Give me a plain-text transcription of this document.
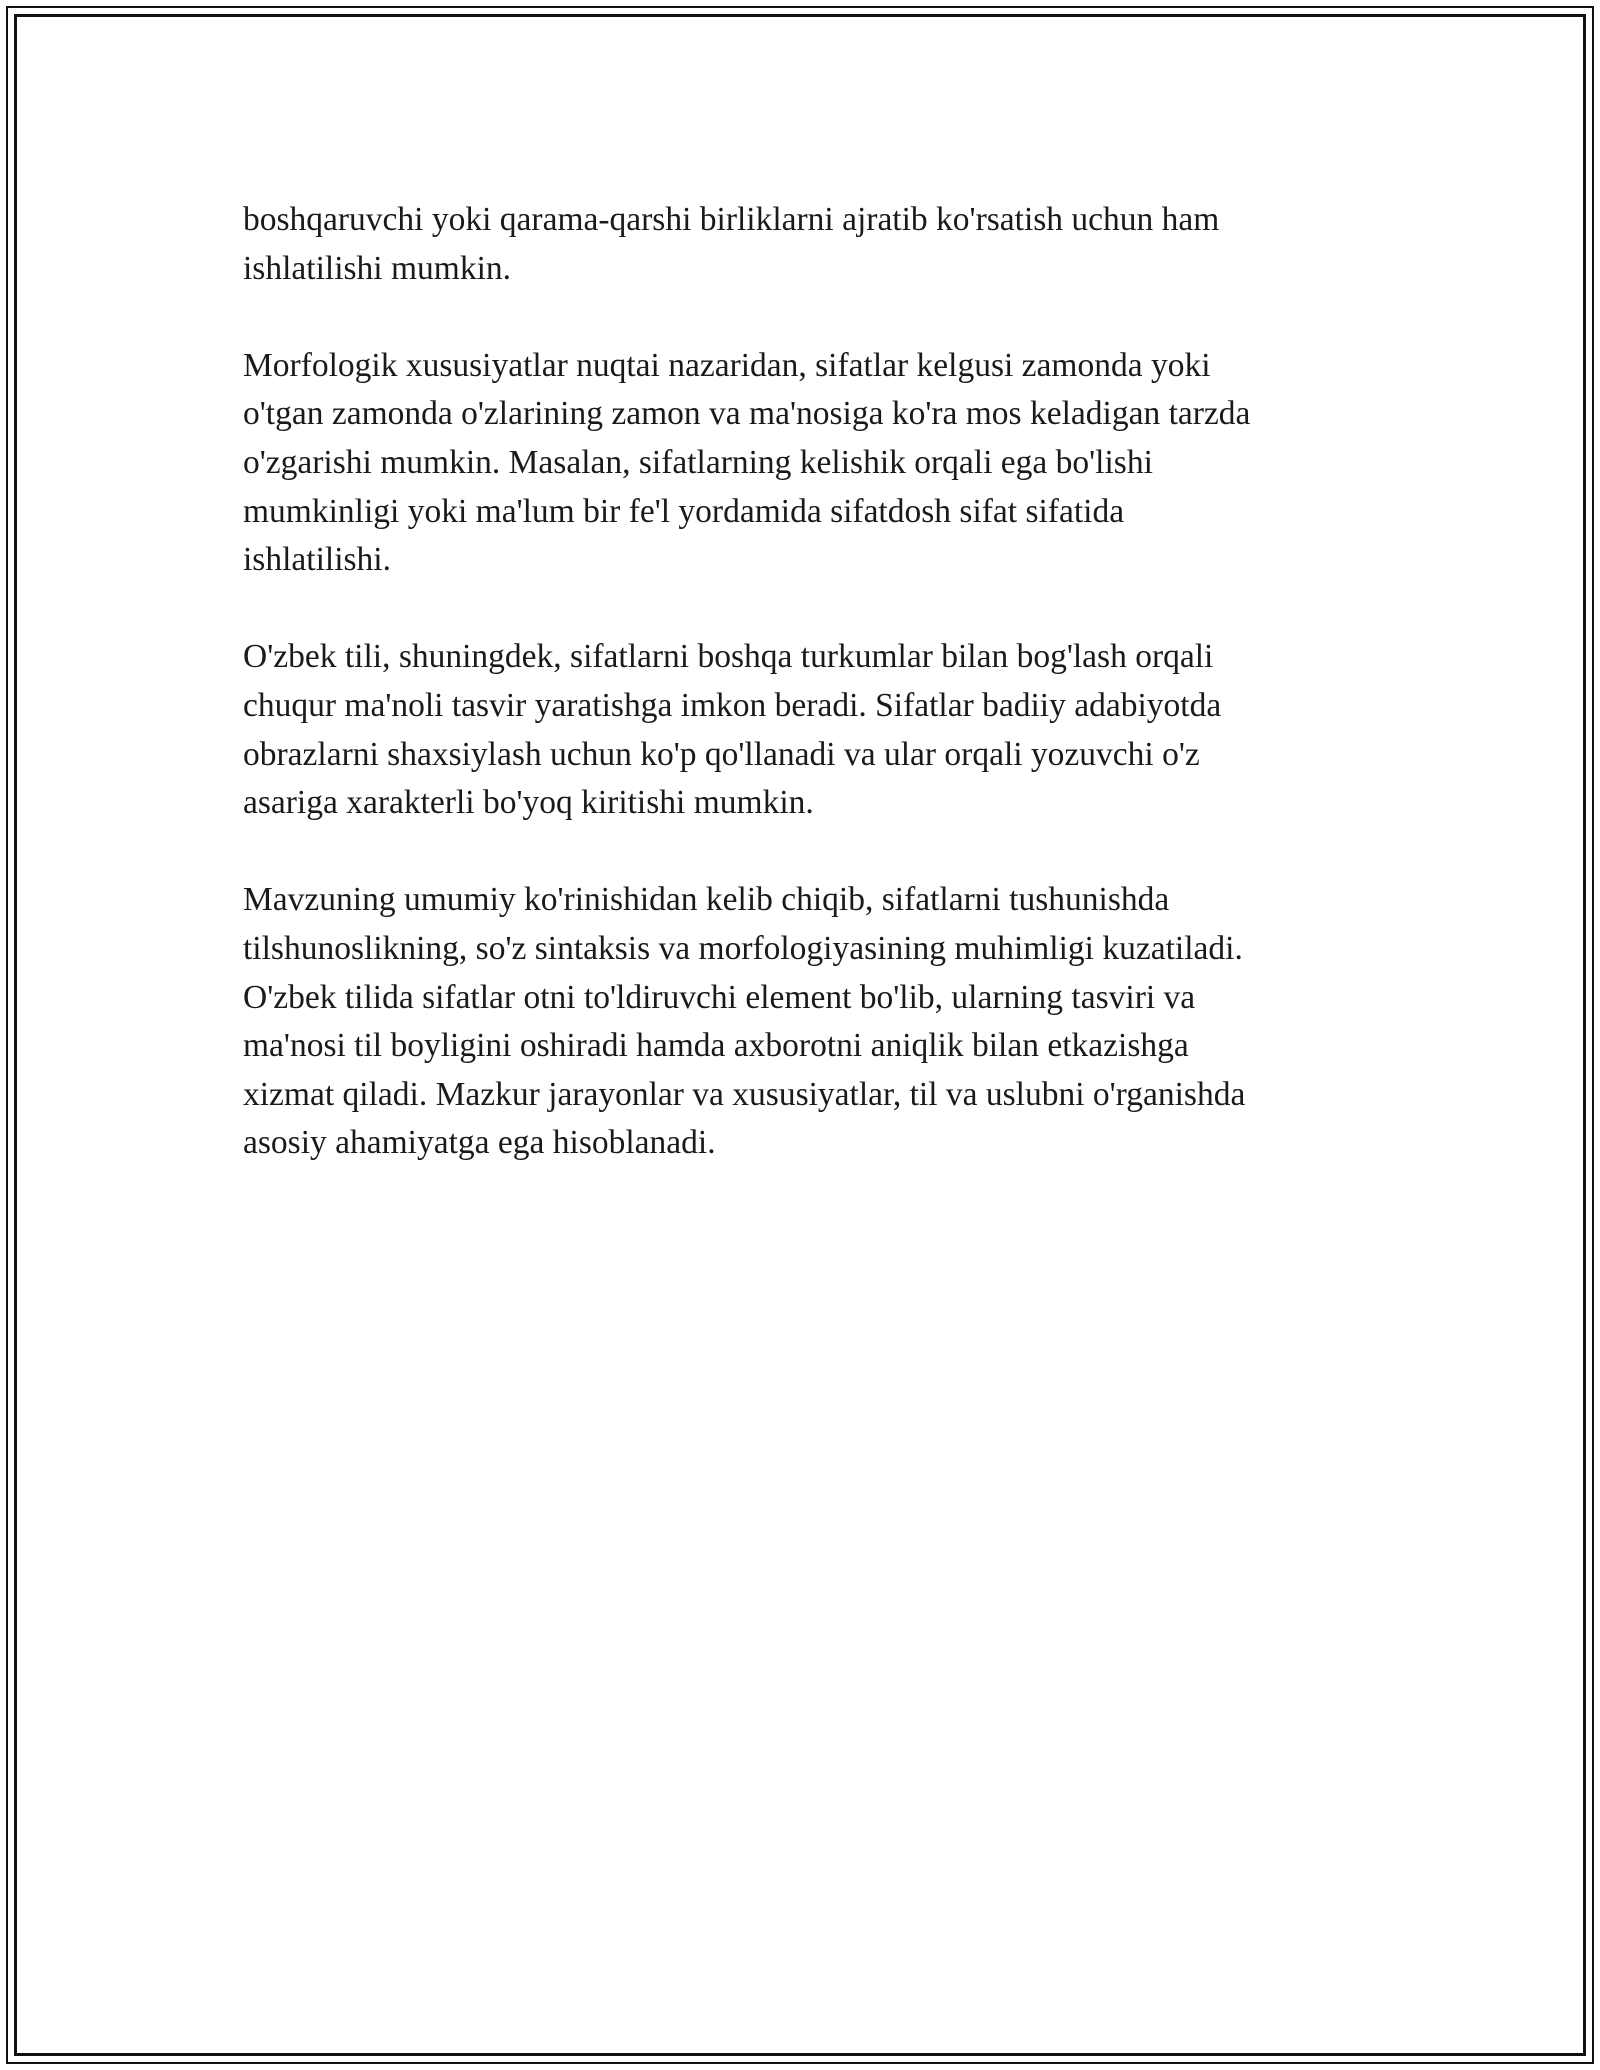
boshqaruvchi yoki qarama-qarshi birliklarni ajratib ko'rsatish uchun ham
ishlatilishi mumkin.

Morfologik xususiyatlar nuqtai nazaridan, sifatlar kelgusi zamonda yoki
o'tgan zamonda o'zlarining zamon va ma'nosiga ko'ra mos keladigan tarzda
o'zgarishi mumkin. Masalan, sifatlarning kelishik orqali ega bo'lishi
mumkinligi yoki ma'lum bir fe'l yordamida sifatdosh sifat sifatida
ishlatilishi.

O'zbek tili, shuningdek, sifatlarni boshqa turkumlar bilan bog'lash orqali
chuqur ma'noli tasvir yaratishga imkon beradi. Sifatlar badiiy adabiyotda
obrazlarni shaxsiylash uchun ko'p qo'llanadi va ular orqali yozuvchi o'z
asariga xarakterli bo'yoq kiritishi mumkin.

Mavzuning umumiy ko'rinishidan kelib chiqib, sifatlarni tushunishda
tilshunoslikning, so'z sintaksis va morfologiyasining muhimligi kuzatiladi.
O'zbek tilida sifatlar otni to'ldiruvchi element bo'lib, ularning tasviri va
ma'nosi til boyligini oshiradi hamda axborotni aniqlik bilan etkazishga
xizmat qiladi. Mazkur jarayonlar va xususiyatlar, til va uslubni o'rganishda
asosiy ahamiyatga ega hisoblanadi.
